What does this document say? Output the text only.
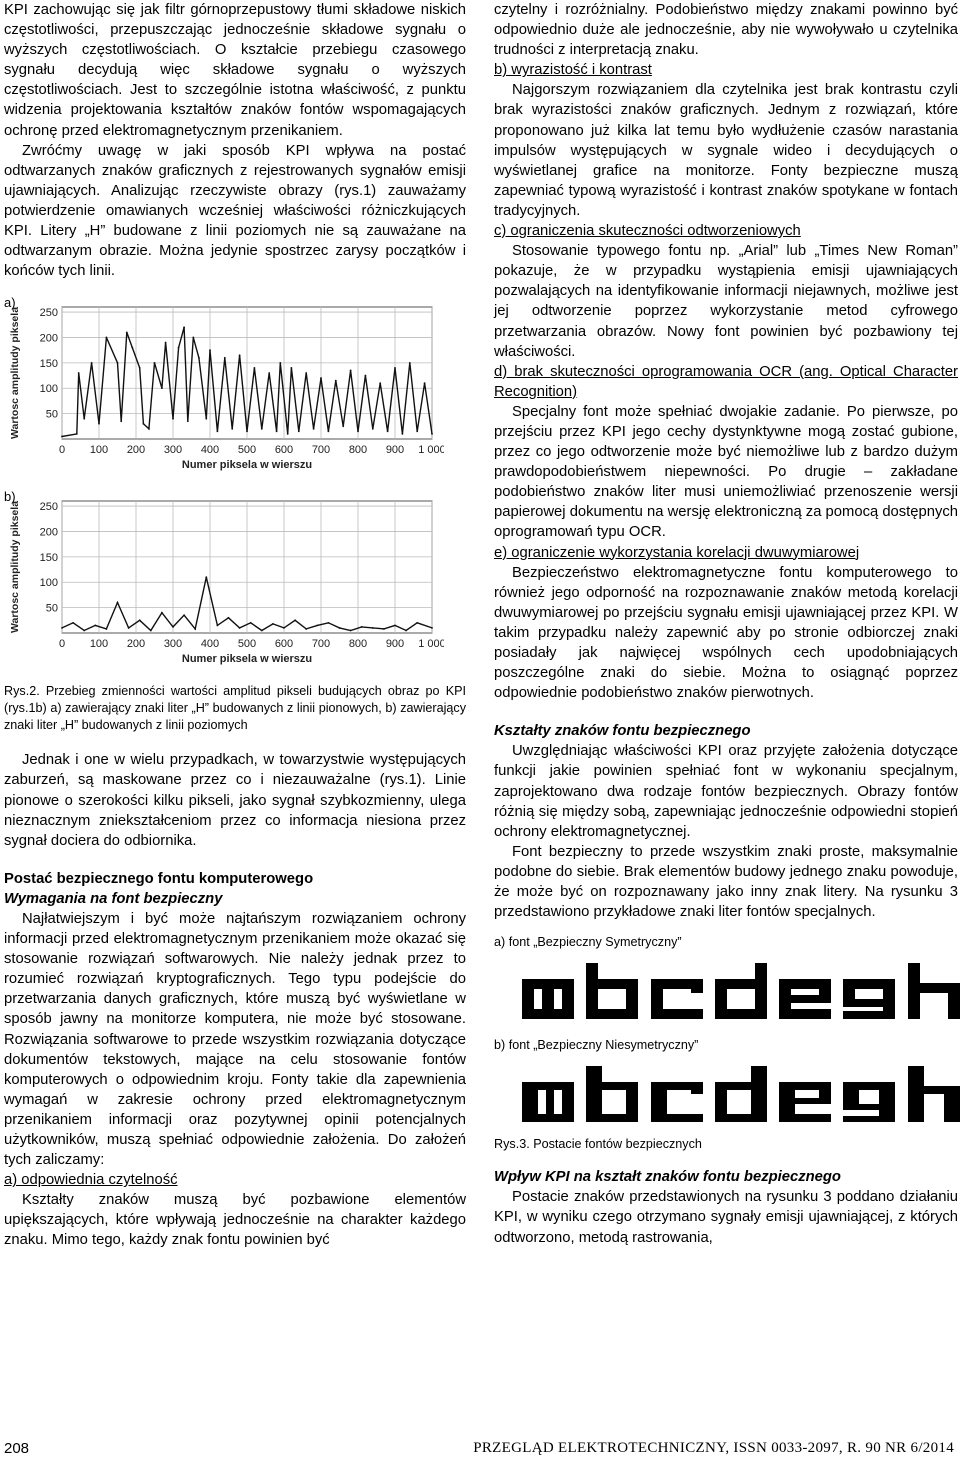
KPI zachowując się jak filtr górnoprzepustowy tłumi składowe niskich częstotliwości, przepuszczając jednocześnie składowe sygnału o wyższych częstotliwościach. O kształcie przebiegu czasowego sygnału decydują więc składowe sygnału o wyższych częstotliwościach. Jest to szczególnie istotna właściwość, z punktu widzenia projektowania kształtów znaków fontów wspomagających ochronę przed elektromagnetycznym przenikaniem.

Zwróćmy uwagę w jaki sposób KPI wpływa na postać odtwarzanych znaków graficznych z rejestrowanych sygnałów emisji ujawniających. Analizując rzeczywiste obrazy (rys.1) zauważamy potwierdzenie omawianych wcześniej właściwości różniczkujących KPI. Litery „H” budowane z linii poziomych nie są zauważane na odtwarzanym obrazie. Można jedynie spostrzec zarysy początków i końców tych linii.

a)
50
100
150
200
250
0 100 200 300 400 500 600 700 800 900 1 000
Numer piksela w wierszu
Wartosc amplitudy piksela
b)
50
100
150
200
250
0 100 200 300 400 500 600 700 800 900 1 000
Numer piksela w wierszu
Wartosc amplitudy piksela

Rys.2. Przebieg zmienności wartości amplitud pikseli budujących obraz po KPI (rys.1b) a) zawierający znaki liter „H” budowanych z linii pionowych, b) zawierający znaki liter „H” budowanych z linii poziomych

Jednak i one w wielu przypadkach, w towarzystwie występujących zaburzeń, są maskowane przez co i niezauważalne (rys.1). Linie pionowe o szerokości kilku pikseli, jako sygnał szybkozmienny, ulega nieznacznym zniekształceniom przez co informacja niesiona przez sygnał dociera do odbiornika.

Postać bezpiecznego fontu komputerowego

Wymagania na font bezpieczny

Najłatwiejszym i być może najtańszym rozwiązaniem ochrony informacji przed elektromagnetycznym przenikaniem może okazać się stosowanie rozwiązań softwarowych. Nie należy jednak przez to rozumieć rozwiązań kryptograficznych. Tego typu podejście do przetwarzania danych graficznych, które muszą być wyświetlane w sposób jawny na monitorze komputera, nie może być stosowane. Rozwiązania softwarowe to przede wszystkim rozwiązania dotyczące dokumentów tekstowych, mające na celu stosowanie fontów komputerowych o odpowiednim kroju. Fonty takie dla zapewnienia wymagań w zakresie ochrony przed elektromagnetycznym przenikaniem informacji oraz pozytywnej opinii potencjalnych użytkowników, muszą spełniać odpowiednie założenia. Do założeń tych zaliczamy:

a) odpowiednia czytelność

Kształty znaków muszą być pozbawione elementów upiększających, które wpływają jednocześnie na charakter każdego znaku. Mimo tego, każdy znak fontu powinien być

czytelny i rozróżnialny. Podobieństwo między znakami powinno być odpowiednio duże ale jednocześnie, aby nie wywoływało u czytelnika trudności z interpretacją znaku.

b) wyrazistość i kontrast

Najgorszym rozwiązaniem dla czytelnika jest brak kontrastu czyli brak wyrazistości znaków graficznych. Jednym z rozwiązań, które proponowano już kilka lat temu było wydłużenie czasów narastania impulsów występujących w sygnale wideo i decydujących o wyświetlanej grafice na monitorze. Fonty bezpieczne muszą zapewniać typową wyrazistość i kontrast znaków spotykane w fontach tradycyjnych.

c) ograniczenia skuteczności odtworzeniowych

Stosowanie typowego fontu np. „Arial” lub „Times New Roman” pokazuje, że w przypadku wystąpienia emisji ujawniających pozwalających na identyfikowanie informacji niejawnych, możliwe jest jej odtworzenie poprzez wykorzystanie metod cyfrowego przetwarzania obrazów. Nowy font powinien być pozbawiony tej właściwości.

d) brak skuteczności oprogramowania OCR (ang. Optical Character Recognition)

Specjalny font może spełniać dwojakie zadanie. Po pierwsze, po przejściu przez KPI jego cechy dystynktywne mogą zostać gubione, przez co jego odtworzenie może być niemożliwe lub z bardzo dużym prawdopodobieństwem niepewności. Po drugie – zakładane podobieństwo znaków liter musi uniemożliwiać przenoszenie wersji papierowej dokumentu na wersję elektroniczną za pomocą dostępnych oprogramowań typu OCR.

e) ograniczenie wykorzystania korelacji dwuwymiarowej

Bezpieczeństwo elektromagnetyczne fontu komputerowego to również jego odporność na rozpoznawanie znaków metodą korelacji dwuwymiarowej po przejściu sygnału emisji ujawniającej przez KPI. W takim przypadku należy zapewnić aby po stronie odbiorczej znaki posiadały jak najwięcej wspólnych cech upodobniających poszczególne znaki do siebie. Można to osiągnąć poprzez odpowiednie podobieństwo znaków pierwotnych.

Kształty znaków fontu bezpiecznego

Uwzględniając właściwości KPI oraz przyjęte założenia dotyczące funkcji jakie powinien spełniać font w wykonaniu specjalnym, zaprojektowano dwa rodzaje fontów bezpiecznych. Obrazy fontów różnią się między sobą, zapewniając jednocześnie odpowiedni stopień ochrony elektromagnetycznej.

Font bezpieczny to przede wszystkim znaki proste, maksymalnie podobne do siebie. Brak elementów budowy jednego znaku powoduje, że może być on rozpoznawany jako inny znak litery. Na rysunku 3 przedstawiono przykładowe znaki liter fontów specjalnych.

a) font „Bezpieczny Symetryczny”

b) font „Bezpieczny Niesymetryczny”

Rys.3. Postacie fontów bezpiecznych

Wpływ KPI na kształt znaków fontu bezpiecznego

Postacie znaków przedstawionych na rysunku 3 poddano działaniu KPI, w wyniku czego otrzymano sygnały emisji ujawniającej, z których odtworzono, metodą rastrowania,

208	PRZEGLĄD ELEKTROTECHNICZNY, ISSN 0033-2097, R. 90 NR 6/2014
